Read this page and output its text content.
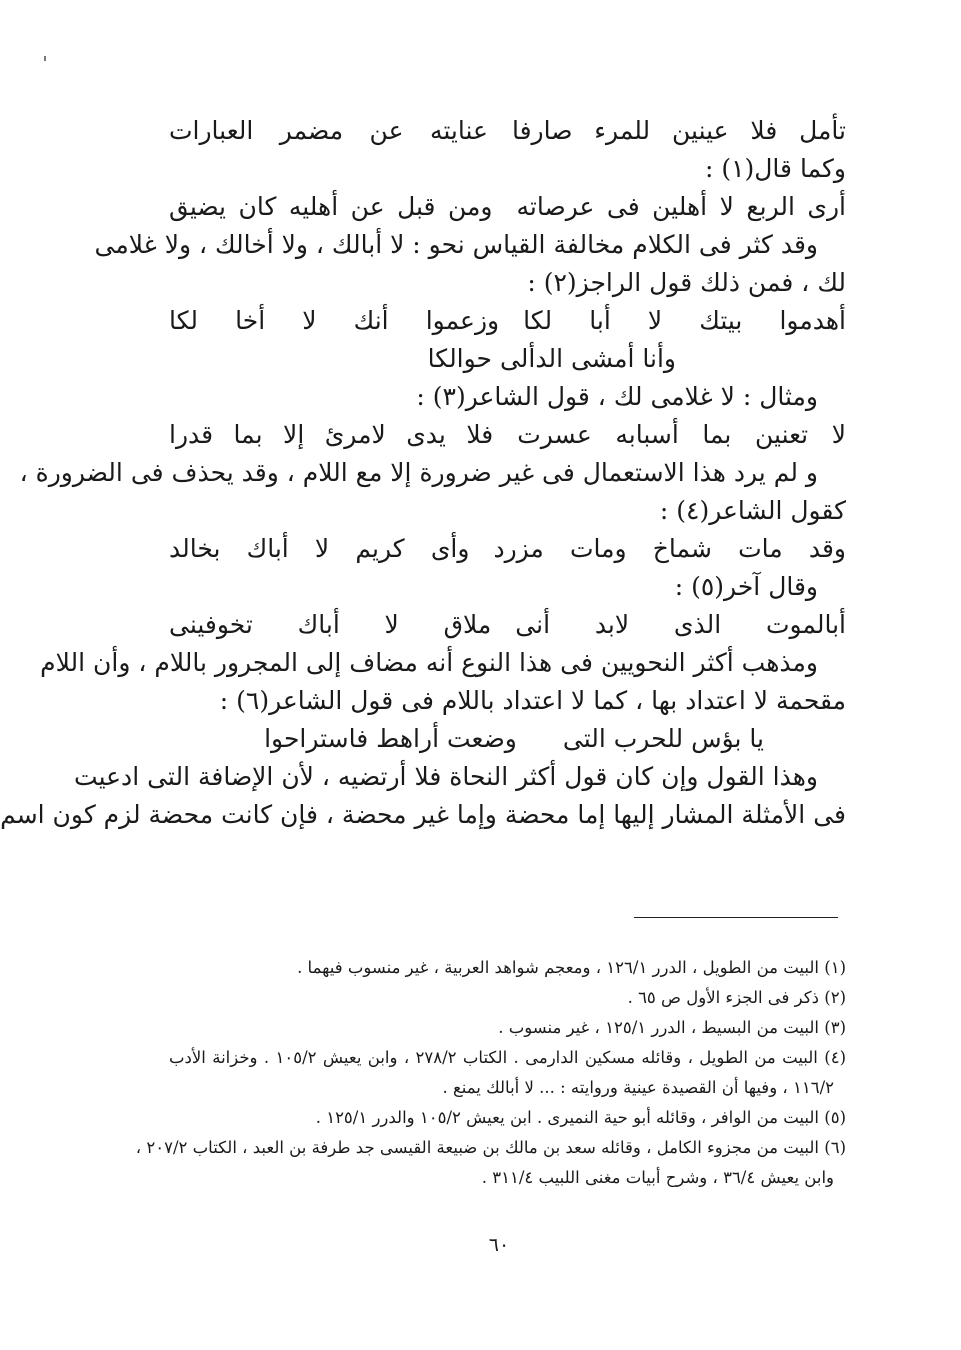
تأمل فلا عينين للمرء صارفا
عنايته عن مضمر العبارات
وكما قال(١) :
أرى الربع لا أهلين فى عرصاته
ومن قبل عن أهليه كان يضيق
وقد كثر فى الكلام مخالفة القياس نحو : لا أبالك ، ولا أخالك ، ولا غلامى
لك ، فمن ذلك قول الراجز(٢) :
أهدموا بيتك لا أبا لكا
وزعموا أنك لا أخا لكا
وأنا أمشى الدألى حوالكا
ومثال : لا غلامى لك ، قول الشاعر(٣) :
لا تعنين بما أسبابه عسرت
فلا يدى لامرئ إلا بما قدرا
و لم يرد هذا الاستعمال فى غير ضرورة إلا مع اللام ، وقد يحذف فى الضرورة ،
كقول الشاعر(٤) :
وقد مات شماخ ومات مزرد
وأى كريم لا أباك بخالد
وقال آخر(٥) :
أبالموت الذى لابد أنى
ملاق لا أباك تخوفينى
ومذهب أكثر النحويين فى هذا النوع أنه مضاف إلى المجرور باللام ، وأن اللام
مقحمة لا اعتداد بها ، كما لا اعتداد باللام فى قول الشاعر(٦) :
يا بؤس للحرب التى
وضعت أراهط فاستراحوا
وهذا القول وإن كان قول أكثر النحاة فلا أرتضيه ، لأن الإضافة التى ادعيت
فى الأمثلة المشار إليها إما محضة وإما غير محضة ، فإن كانت محضة لزم كون اسم
(١) البيت من الطويل ، الدرر ١٢٦/١ ، ومعجم شواهد العربية ، غير منسوب فيهما .
(٢) ذكر فى الجزء الأول ص ٦٥ .
(٣) البيت من البسيط ، الدرر ١٢٥/١ ، غير منسوب .
(٤) البيت من الطويل ، وقائله مسكين الدارمى . الكتاب ٢٧٨/٢ ، وابن يعيش ١٠٥/٢ . وخزانة الأدب
١١٦/٢ ، وفيها أن القصيدة عينية وروايته : ... لا أبالك يمنع .
(٥) البيت من الوافر ، وقائله أبو حية النميرى . ابن يعيش ١٠٥/٢ والدرر ١٢٥/١ .
(٦) البيت من مجزوء الكامل ، وقائله سعد بن مالك بن ضبيعة القيسى جد طرفة بن العبد ، الكتاب ٢٠٧/٢ ،
وابن يعيش ٣٦/٤ ، وشرح أبيات مغنى اللبيب ٣١١/٤ .
٦٠
